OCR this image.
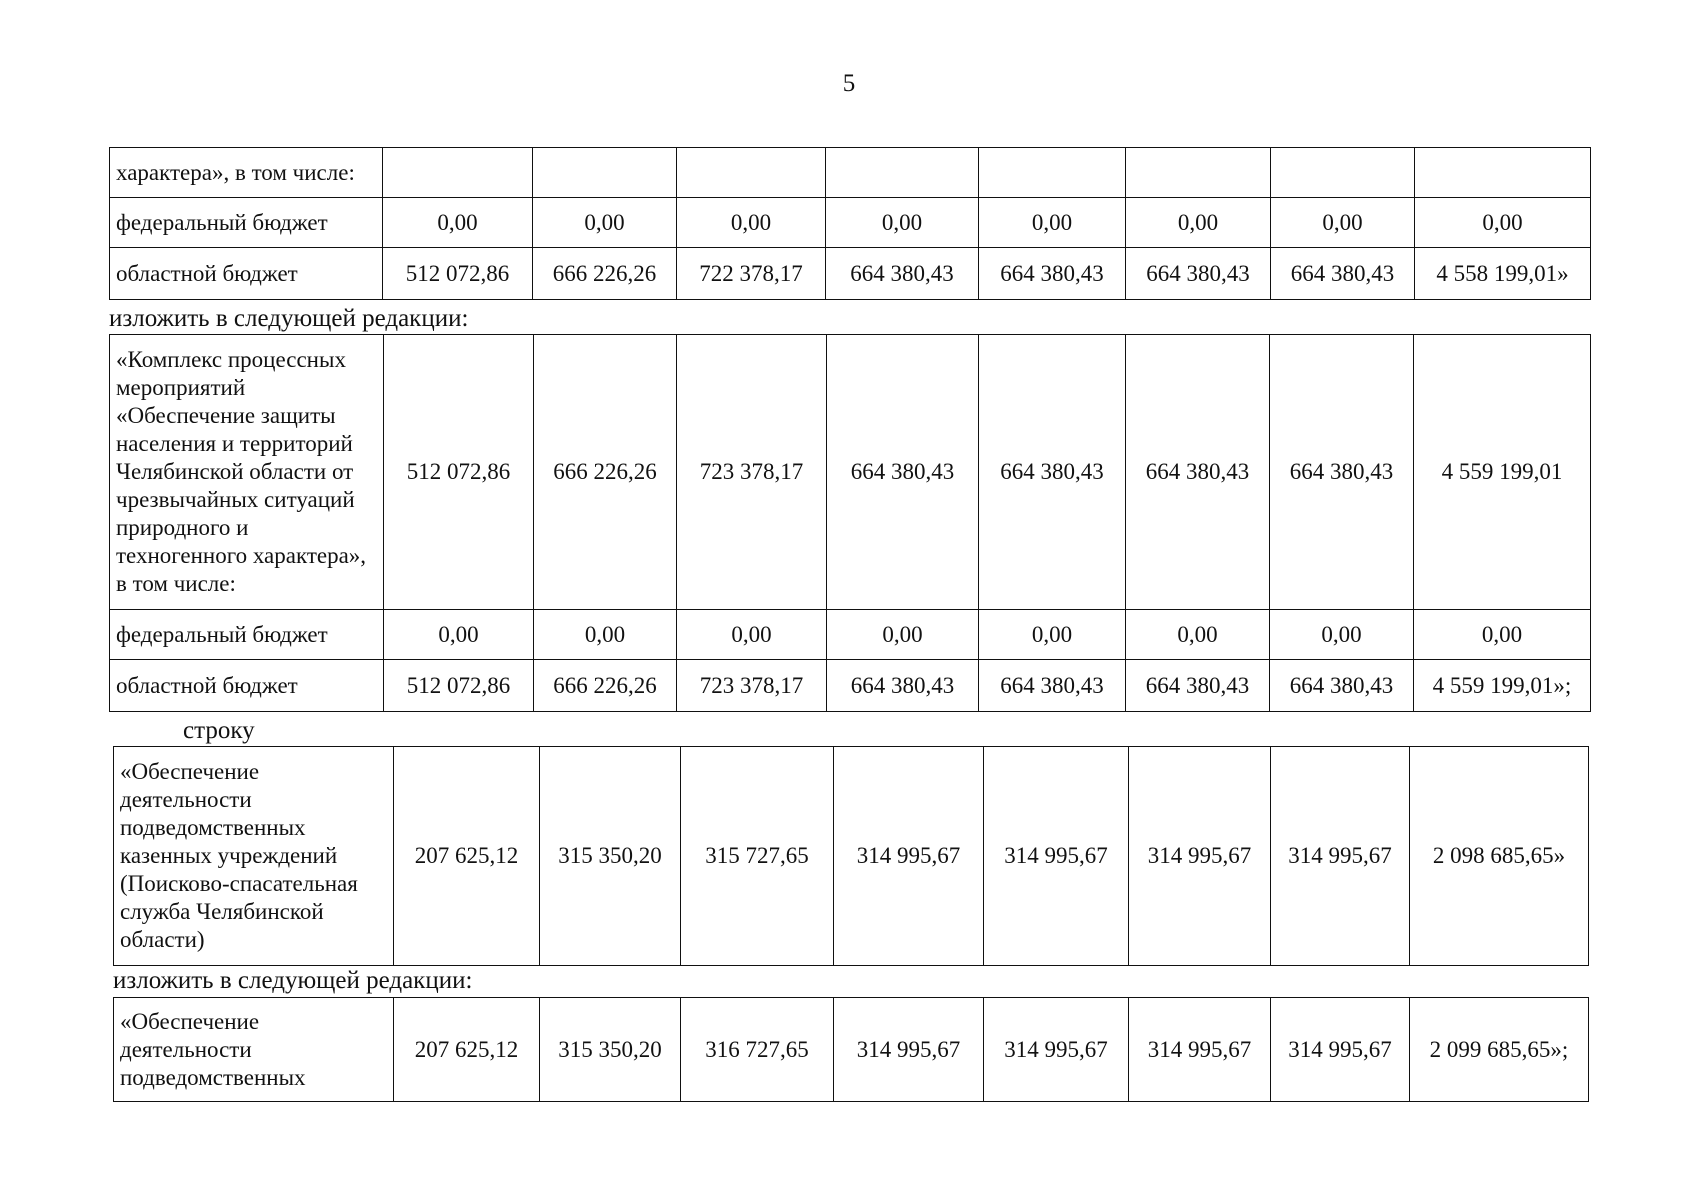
5
характера», в том числе:								
федеральный бюджет	0,00	0,00	0,00	0,00	0,00	0,00	0,00	0,00
областной бюджет	512 072,86	666 226,26	722 378,17	664 380,43	664 380,43	664 380,43	664 380,43	4 558 199,01»
изложить в следующей редакции:
«Комплекс процессных мероприятий «Обеспечение защиты населения и территорий Челябинской области от чрезвычайных ситуаций природного и техногенного характера», в том числе:	512 072,86	666 226,26	723 378,17	664 380,43	664 380,43	664 380,43	664 380,43	4 559 199,01
федеральный бюджет	0,00	0,00	0,00	0,00	0,00	0,00	0,00	0,00
областной бюджет	512 072,86	666 226,26	723 378,17	664 380,43	664 380,43	664 380,43	664 380,43	4 559 199,01»;
строку
«Обеспечение деятельности подведомственных казенных учреждений (Поисково-спасательная служба Челябинской области)	207 625,12	315 350,20	315 727,65	314 995,67	314 995,67	314 995,67	314 995,67	2 098 685,65»
изложить в следующей редакции:
«Обеспечение деятельности подведомственных	207 625,12	315 350,20	316 727,65	314 995,67	314 995,67	314 995,67	314 995,67	2 099 685,65»;
